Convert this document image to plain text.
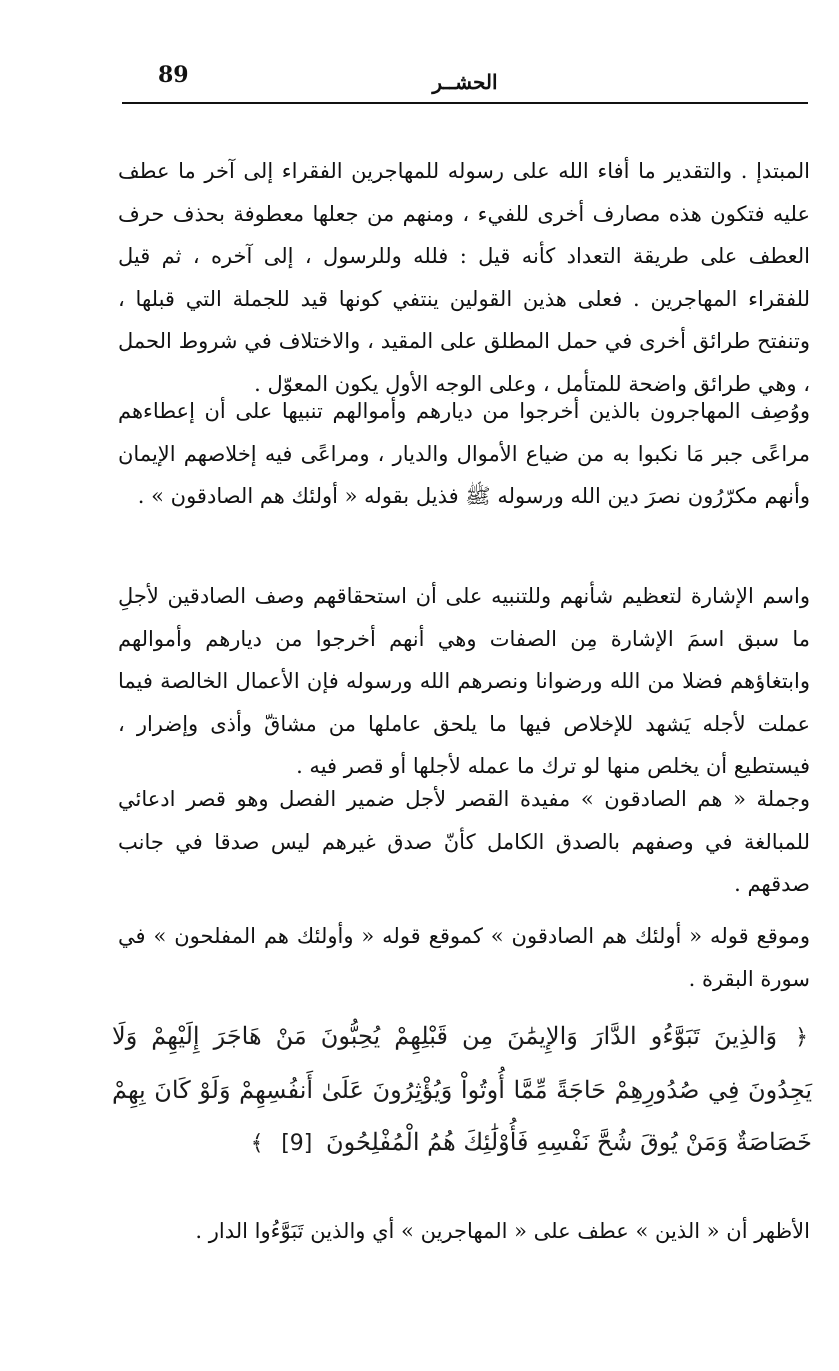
89	الحشــر

المبتدإ . والتقدير ما أفاء الله على رسوله للمهاجرين الفقراء إلى آخر ما عطف عليه فتكون هذه مصارف أخرى للفيء ، ومنهم من جعلها معطوفة بحذف حرف العطف على طريقة التعداد كأنه قيل : فلله وللرسول ، إلى آخره ، ثم قيل للفقراء المهاجرين . فعلى هذين القولين ينتفي كونها قيد للجملة التي قبلها ، وتنفتح طرائق أخرى في حمل المطلق على المقيد ، والاختلاف في شروط الحمل ، وهي طرائق واضحة للمتأمل ، وعلى الوجه الأول يكون المعوّل .

ووُصِف المهاجرون بالذين أخرجوا من ديارهم وأموالهم تنبيها على أن إعطاءهم مراعًى جبر مَا نكبوا به من ضياع الأموال والديار ، ومراعًى فيه إخلاصهم الإيمان وأنهم مكرّرُون نصرَ دين الله ورسوله ﷺ فذيل بقوله « أولئك هم الصادقون » .

واسم الإشارة لتعظيم شأنهم وللتنبيه على أن استحقاقهم وصف الصادقين لأجلِ ما سبق اسمَ الإشارة مِن الصفات وهي أنهم أخرجوا من ديارهم وأموالهم وابتغاؤهم فضلا من الله ورضوانا ونصرهم الله ورسوله فإن الأعمال الخالصة فيما عملت لأجله يَشهد للإخلاص فيها ما يلحق عاملها من مشاقّ وأذى وإضرار ، فيستطيع أن يخلص منها لو ترك ما عمله لأجلها أو قصر فيه .

وجملة « هم الصادقون » مفيدة القصر لأجل ضمير الفصل وهو قصر ادعائي للمبالغة في وصفهم بالصدق الكامل كأنّ صدق غيرهم ليس صدقا في جانب صدقهم .

وموقع قوله « أولئك هم الصادقون » كموقع قوله « وأولئك هم المفلحون » في سورة البقرة .

﴿ وَالذِينَ تَبَوَّءُو الدَّارَ وَالإِيمَٰنَ مِن قَبْلِهِمْ يُحِبُّونَ مَنْ هَاجَرَ إِلَيْهِمْ وَلَا يَجِدُونَ فِي صُدُورِهِمْ حَاجَةً مِّمَّا أُوتُواْ وَيُؤْثِرُونَ عَلَىٰ أَنفُسِهِمْ وَلَوْ كَانَ بِهِمْ خَصَاصَةٌ وَمَنْ يُوقَ شُحَّ نَفْسِهِ فَأُوْلَٰئِكَ هُمُ الْمُفْلِحُونَ [9] ﴾

الأظهر أن « الذين » عطف على « المهاجرين » أي والذين تَبَوَّءُوا الدار .
